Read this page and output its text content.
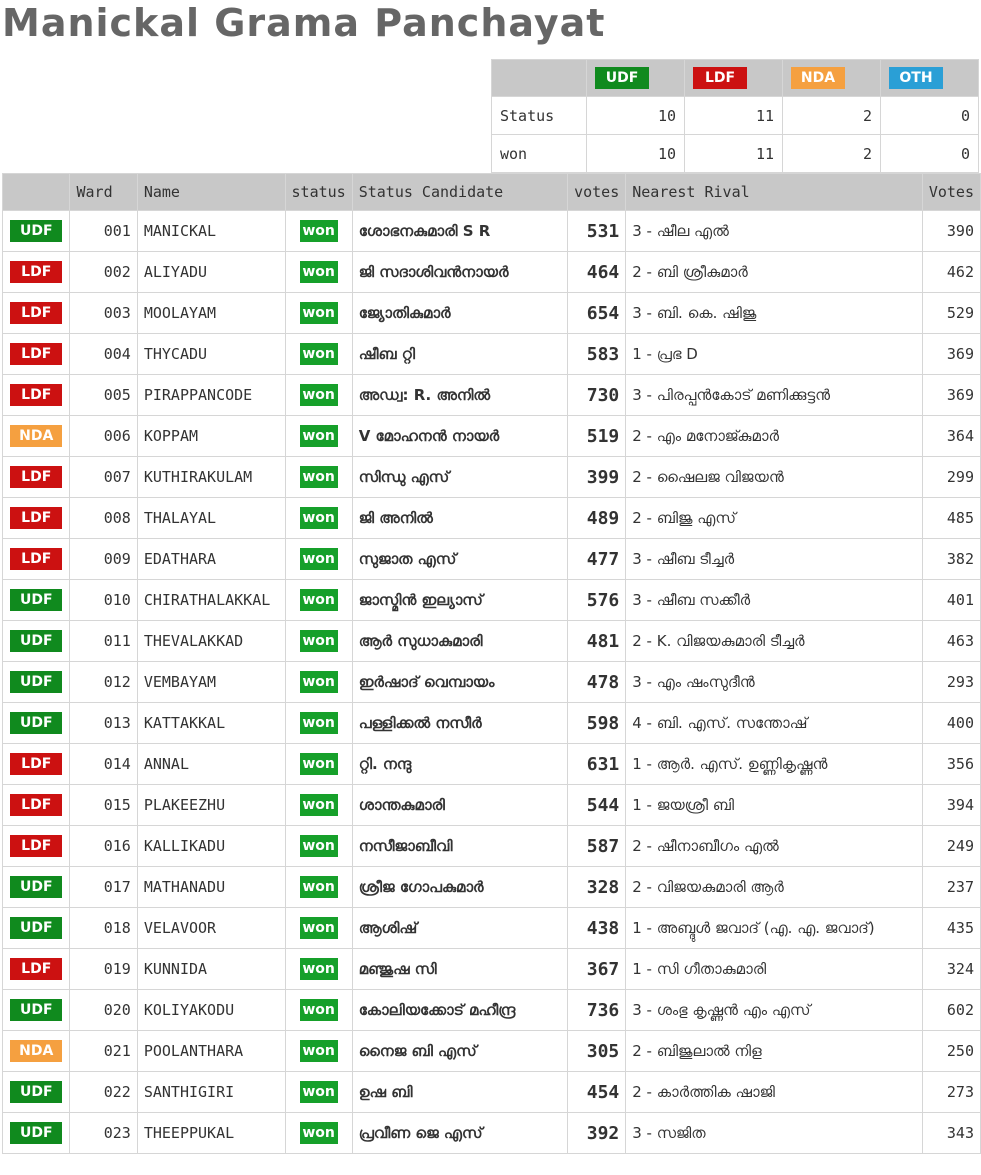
Manickal Grama Panchayat
	UDF	LDF	NDA	OTH
Status	10	11	2	0
won	10	11	2	0
	Ward	Name	status	Status Candidate	votes	Nearest Rival	Votes
UDF	001	MANICKAL	won	ശോഭനകുമാരി S R	531	3 - ഷീല എൽ	390
LDF	002	ALIYADU	won	ജി സദാശിവൻനായർ	464	2 - ബി ശ്രീകുമാർ	462
LDF	003	MOOLAYAM	won	ജ്യോതികുമാർ	654	3 - ബി. കെ. ഷിജു	529
LDF	004	THYCADU	won	ഷീബ റ്റി	583	1 - പ്രഭ D	369
LDF	005	PIRAPPANCODE	won	അഡ്വ: R. അനിൽ	730	3 - പിരപ്പൻകോട് മണിക്കുട്ടൻ	369
NDA	006	KOPPAM	won	V മോഹനൻ നായർ	519	2 - എം മനോജ്കുമാർ	364
LDF	007	KUTHIRAKULAM	won	സിന്ധു എസ്	399	2 - ഷൈലജ വിജയൻ	299
LDF	008	THALAYAL	won	ജി അനിൽ	489	2 - ബിജു എസ്	485
LDF	009	EDATHARA	won	സുജാത എസ്	477	3 - ഷീബ ടീച്ചർ	382
UDF	010	CHIRATHALAKKAL	won	ജാസ്മിൻ ഇല്യാസ്	576	3 - ഷീബ സക്കീർ	401
UDF	011	THEVALAKKAD	won	ആർ സുധാകുമാരി	481	2 - K. വിജയകുമാരി ടീച്ചർ	463
UDF	012	VEMBAYAM	won	ഇർഷാദ് വെമ്പായം	478	3 - എം ഷംസുദീൻ	293
UDF	013	KATTAKKAL	won	പള്ളിക്കൽ നസീർ	598	4 - ബി. എസ്. സന്തോഷ്	400
LDF	014	ANNAL	won	റ്റി. നന്ദു	631	1 - ആർ. എസ്. ഉണ്ണികൃഷ്ണൻ	356
LDF	015	PLAKEEZHU	won	ശാന്തകുമാരി	544	1 - ജയശ്രീ ബി	394
LDF	016	KALLIKADU	won	നസീജാബീവി	587	2 - ഷീനാബീഗം എൽ	249
UDF	017	MATHANADU	won	ശ്രീജ ഗോപകുമാർ	328	2 - വിജയകുമാരി ആർ	237
UDF	018	VELAVOOR	won	ആശിഷ്	438	1 - അബ്ദുൾ ജവാദ് (എ. എ. ജവാദ്)	435
LDF	019	KUNNIDA	won	മഞ്ജുഷ സി	367	1 - സി ഗീതാകുമാരി	324
UDF	020	KOLIYAKODU	won	കോലിയക്കോട് മഹീന്ദ്ര	736	3 - ശംഭു കൃഷ്ണൻ എം എസ്	602
NDA	021	POOLANTHARA	won	നൈജ ബി എസ്	305	2 - ബിജുലാൽ നിള	250
UDF	022	SANTHIGIRI	won	ഉഷ ബി	454	2 - കാർത്തിക ഷാജി	273
UDF	023	THEEPPUKAL	won	പ്രവീണ ജെ എസ്	392	3 - സജിത	343
